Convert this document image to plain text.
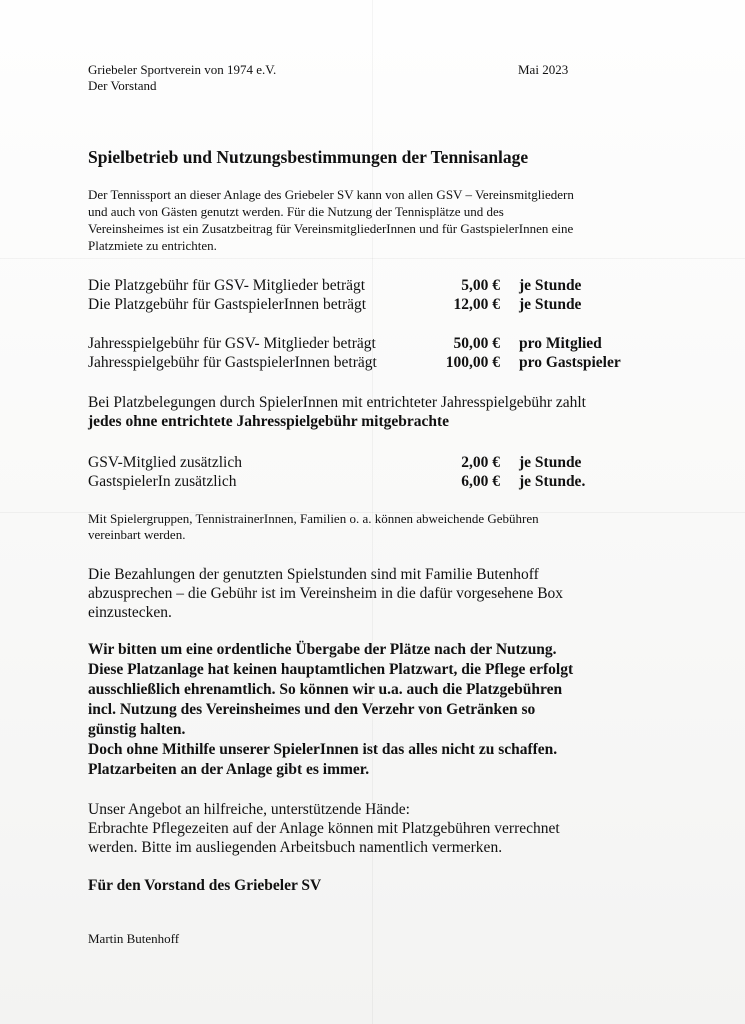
Griebeler Sportverein von 1974 e.V.
Der Vorstand
Mai 2023
Spielbetrieb und Nutzungsbestimmungen der Tennisanlage
Der Tennissport an dieser Anlage des Griebeler SV kann von allen GSV – Vereinsmitgliedern
und auch von Gästen genutzt werden. Für die Nutzung der Tennisplätze und des
Vereinsheimes ist ein Zusatzbeitrag für VereinsmitgliederInnen und für GastspielerInnen eine
Platzmiete zu entrichten.
Die Platzgebühr für GSV- Mitglieder beträgt	5,00 € je Stunde
Die Platzgebühr für GastspielerInnen beträgt	12,00 € je Stunde
Jahresspielgebühr für GSV- Mitglieder beträgt	50,00 € pro Mitglied
Jahresspielgebühr für GastspielerInnen beträgt	100,00 € pro Gastspieler
Bei Platzbelegungen durch SpielerInnen mit entrichteter Jahresspielgebühr zahlt
jedes ohne entrichtete Jahresspielgebühr mitgebrachte
GSV-Mitglied zusätzlich	2,00 € je Stunde
GastspielerIn zusätzlich	6,00 € je Stunde.
Mit Spielergruppen, TennistrainerInnen, Familien o. a. können abweichende Gebühren
vereinbart werden.
Die Bezahlungen der genutzten Spielstunden sind mit Familie Butenhoff
abzusprechen – die Gebühr ist im Vereinsheim in die dafür vorgesehene Box
einzustecken.
Wir bitten um eine ordentliche Übergabe der Plätze nach der Nutzung.
Diese Platzanlage hat keinen hauptamtlichen Platzwart, die Pflege erfolgt
ausschließlich ehrenamtlich. So können wir u.a. auch die Platzgebühren
incl. Nutzung des Vereinsheimes und den Verzehr von Getränken so
günstig halten.
Doch ohne Mithilfe unserer SpielerInnen ist das alles nicht zu schaffen.
Platzarbeiten an der Anlage gibt es immer.
Unser Angebot an hilfreiche, unterstützende Hände:
Erbrachte Pflegezeiten auf der Anlage können mit Platzgebühren verrechnet
werden. Bitte im ausliegenden Arbeitsbuch namentlich vermerken.
Für den Vorstand des Griebeler SV
Martin Butenhoff
